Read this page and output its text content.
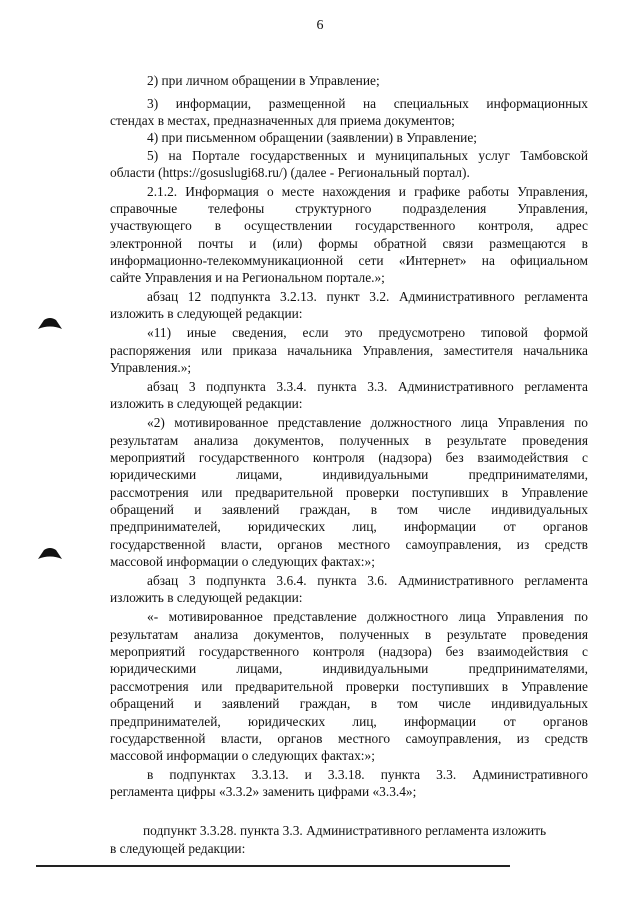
6
2) при личном обращении в Управление;
3) информации, размещенной на специальных информационных
стендах в местах, предназначенных для приема документов;
4) при письменном обращении (заявлении) в Управление;
5) на Портале государственных и муниципальных услуг Тамбовской
области (https://gosuslugi68.ru/) (далее - Региональный портал).
2.1.2. Информация о месте нахождения и графике работы Управления,
справочные телефоны структурного подразделения Управления,
участвующего в осуществлении государственного контроля, адрес
электронной почты и (или) формы обратной связи размещаются в
информационно-телекоммуникационной сети «Интернет» на официальном
сайте Управления и на Региональном портале.»;
абзац 12 подпункта 3.2.13. пункт 3.2. Административного регламента
изложить в следующей редакции:
«11) иные сведения, если это предусмотрено типовой формой
распоряжения или приказа начальника Управления, заместителя начальника
Управления.»;
абзац 3 подпункта 3.3.4. пункта 3.3. Административного регламента
изложить в следующей редакции:
«2) мотивированное представление должностного лица Управления по
результатам анализа документов, полученных в результате проведения
мероприятий государственного контроля (надзора) без взаимодействия с
юридическими лицами, индивидуальными предпринимателями,
рассмотрения или предварительной проверки поступивших в Управление
обращений и заявлений граждан, в том числе индивидуальных
предпринимателей, юридических лиц, информации от органов
государственной власти, органов местного самоуправления, из средств
массовой информации о следующих фактах:»;
абзац 3 подпункта 3.6.4. пункта 3.6. Административного регламента
изложить в следующей редакции:
«- мотивированное представление должностного лица Управления по
результатам анализа документов, полученных в результате проведения
мероприятий государственного контроля (надзора) без взаимодействия с
юридическими лицами, индивидуальными предпринимателями,
рассмотрения или предварительной проверки поступивших в Управление
обращений и заявлений граждан, в том числе индивидуальных
предпринимателей, юридических лиц, информации от органов
государственной власти, органов местного самоуправления, из средств
массовой информации о следующих фактах:»;
в подпунктах 3.3.13. и 3.3.18. пункта 3.3. Административного
регламента цифры «3.3.2» заменить цифрами «3.3.4»;
подпункт 3.3.28. пункта 3.3. Административного регламента изложить
в следующей редакции:
